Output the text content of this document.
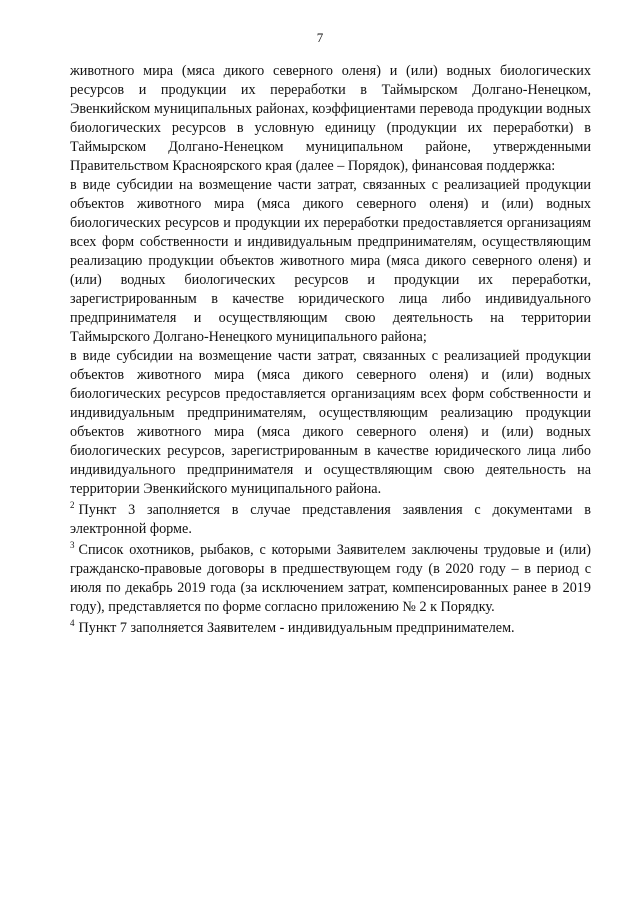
7

животного мира (мяса дикого северного оленя) и (или) водных биологических ресурсов и продукции их переработки в Таймырском Долгано-Ненецком, Эвенкийском муниципальных районах, коэффициентами перевода продукции водных биологических ресурсов в условную единицу (продукции их переработки) в Таймырском Долгано-Ненецком муниципальном районе, утвержденными Правительством Красноярского края (далее – Порядок), финансовая поддержка:

в виде субсидии на возмещение части затрат, связанных с реализацией продукции объектов животного мира (мяса дикого северного оленя) и (или) водных биологических ресурсов и продукции их переработки предоставляется организациям всех форм собственности и индивидуальным предпринимателям, осуществляющим реализацию продукции объектов животного мира (мяса дикого северного оленя) и (или) водных биологических ресурсов и продукции их переработки, зарегистрированным в качестве юридического лица либо индивидуального предпринимателя и осуществляющим свою деятельность на территории Таймырского Долгано-Ненецкого муниципального района;

в виде субсидии на возмещение части затрат, связанных с реализацией продукции объектов животного мира (мяса дикого северного оленя) и (или) водных биологических ресурсов предоставляется организациям всех форм собственности и индивидуальным предпринимателям, осуществляющим реализацию продукции объектов животного мира (мяса дикого северного оленя) и (или) водных биологических ресурсов, зарегистрированным в качестве юридического лица либо индивидуального предпринимателя и осуществляющим свою деятельность на территории Эвенкийского муниципального района.

$^2$ Пункт 3 заполняется в случае представления заявления с документами в электронной форме.

$^3$ Список охотников, рыбаков, с которыми Заявителем заключены трудовые и (или) гражданско-правовые договоры в предшествующем году (в 2020 году – в период с июля по декабрь 2019 года (за исключением затрат, компенсированных ранее в 2019 году), представляется по форме согласно приложению № 2 к Порядку.

$^4$ Пункт 7 заполняется Заявителем - индивидуальным предпринимателем.
